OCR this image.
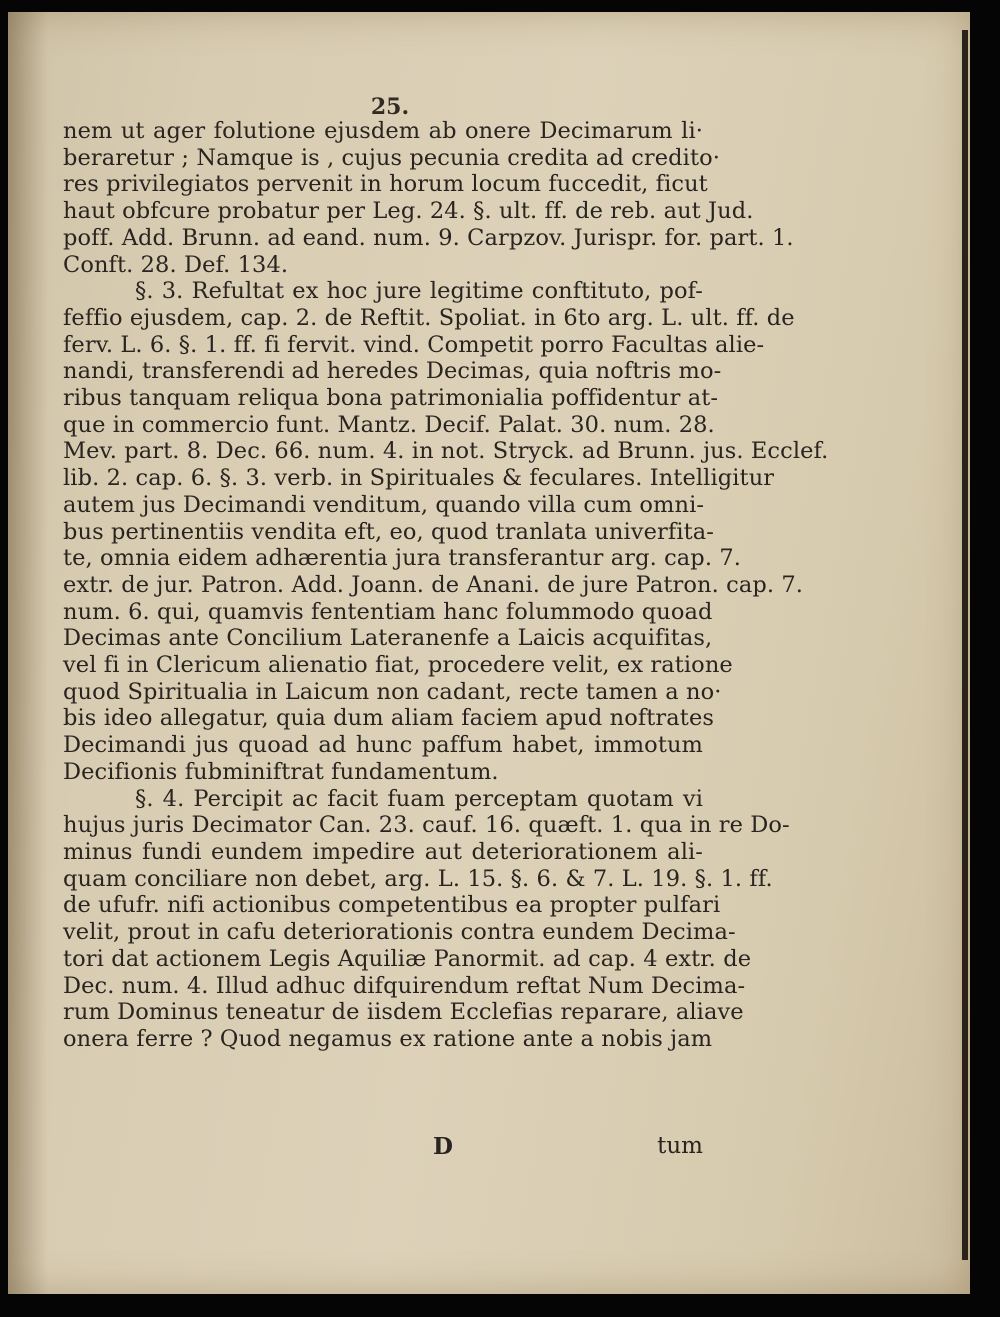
25.
nem ut ager folutione ejusdem ab onere Decimarum li·
beraretur ; Namque is , cujus pecunia credita ad credito·
res privilegiatos pervenit in horum locum fuccedit, ficut
haut obfcure probatur per Leg. 24. §. ult. ff. de reb. aut Jud.
poff. Add. Brunn. ad eand. num. 9. Carpzov. Jurispr. for. part. 1.
Conft. 28. Def. 134.
§. 3. Refultat ex hoc jure legitime conftituto, pof-
feffio ejusdem, cap. 2. de Reftit. Spoliat. in 6to arg. L. ult. ff. de
ferv. L. 6. §. 1. ff. fi fervit. vind. Competit porro Facultas alie-
nandi, transferendi ad heredes Decimas, quia noftris mo-
ribus tanquam reliqua bona patrimonialia poffidentur at-
que in commercio funt. Mantz. Decif. Palat. 30. num. 28.
Mev. part. 8. Dec. 66. num. 4. in not. Stryck. ad Brunn. jus. Ecclef.
lib. 2. cap. 6. §. 3. verb. in Spirituales & feculares. Intelligitur
autem jus Decimandi venditum, quando villa cum omni-
bus pertinentiis vendita eft, eo, quod tranlata univerfita-
te, omnia eidem adhærentia jura transferantur arg. cap. 7.
extr. de jur. Patron. Add. Joann. de Anani. de jure Patron. cap. 7.
num. 6. qui, quamvis fententiam hanc folummodo quoad
Decimas ante Concilium Lateranenfe a Laicis acquifitas,
vel fi in Clericum alienatio fiat, procedere velit, ex ratione
quod Spiritualia in Laicum non cadant, recte tamen a no·
bis ideo allegatur, quia dum aliam faciem apud noftrates
Decimandi jus quoad ad hunc paffum habet, immotum
Decifionis fubminiftrat fundamentum.
§. 4. Percipit ac facit fuam perceptam quotam vi
hujus juris Decimator Can. 23. cauf. 16. quæft. 1. qua in re Do-
minus fundi eundem impedire aut deteriorationem ali-
quam conciliare non debet, arg. L. 15. §. 6. & 7. L. 19. §. 1. ff.
de ufufr. nifi actionibus competentibus ea propter pulfari
velit, prout in cafu deteriorationis contra eundem Decima-
tori dat actionem Legis Aquiliæ Panormit. ad cap. 4 extr. de
Dec. num. 4. Illud adhuc difquirendum reftat Num Decima-
rum Dominus teneatur de iisdem Ecclefias reparare, aliave
onera ferre ? Quod negamus ex ratione ante a nobis jam
D	tum
